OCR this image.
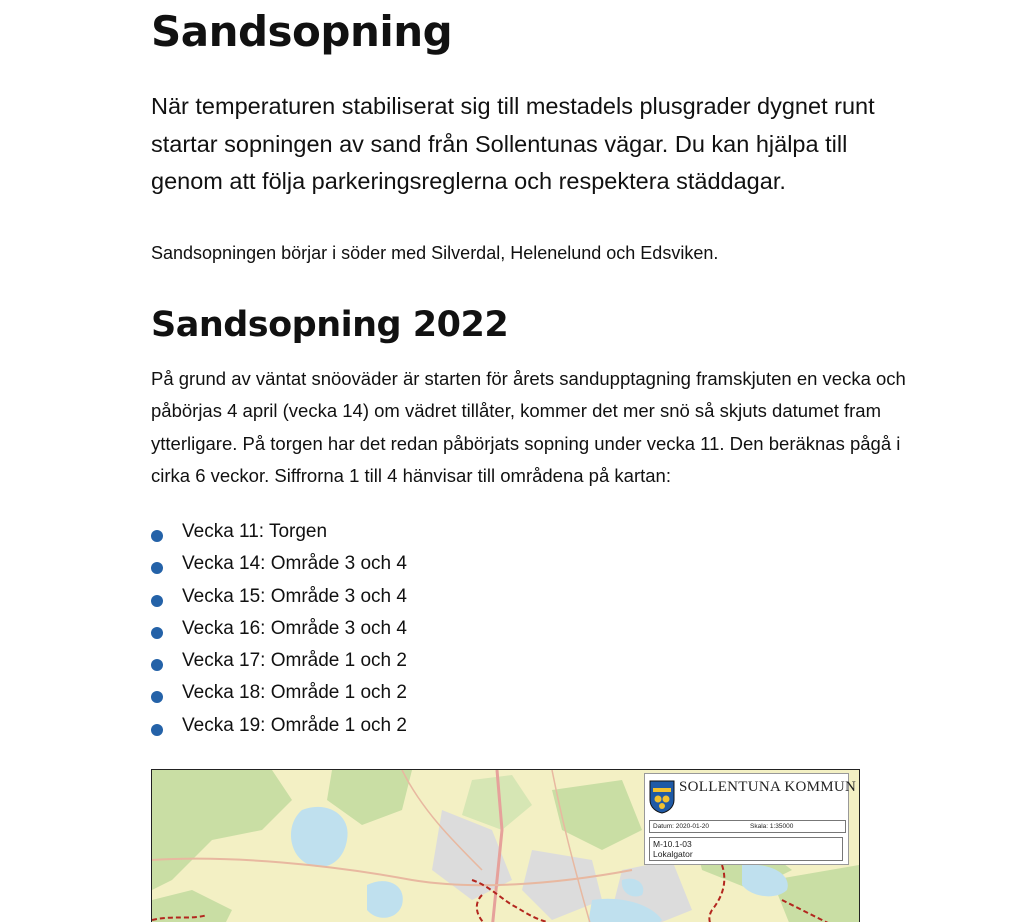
Sandsopning

När temperaturen stabiliserat sig till mestadels plusgrader dygnet runt startar sopningen av sand från Sollentunas vägar. Du kan hjälpa till genom att följa parkeringsreglerna och respektera städdagar.

Sandsopningen börjar i söder med Silverdal, Helenelund och Edsviken.

Sandsopning 2022

På grund av väntat snöoväder är starten för årets sandupptagning framskjuten en vecka och påbörjas 4 april (vecka 14) om vädret tillåter, kommer det mer snö så skjuts datumet fram ytterligare. På torgen har det redan påbörjats sopning under vecka 11. Den beräknas pågå i cirka 6 veckor. Siffrorna 1 till 4 hänvisar till områdena på kartan:

Vecka 11: Torgen
Vecka 14: Område 3 och 4
Vecka 15: Område 3 och 4
Vecka 16: Område 3 och 4
Vecka 17: Område 1 och 2
Vecka 18: Område 1 och 2
Vecka 19: Område 1 och 2
SOLLENTUNA KOMMUN
Datum: 2020-01-20	Skala: 1:35000
M-10.1-03
Lokalgator
